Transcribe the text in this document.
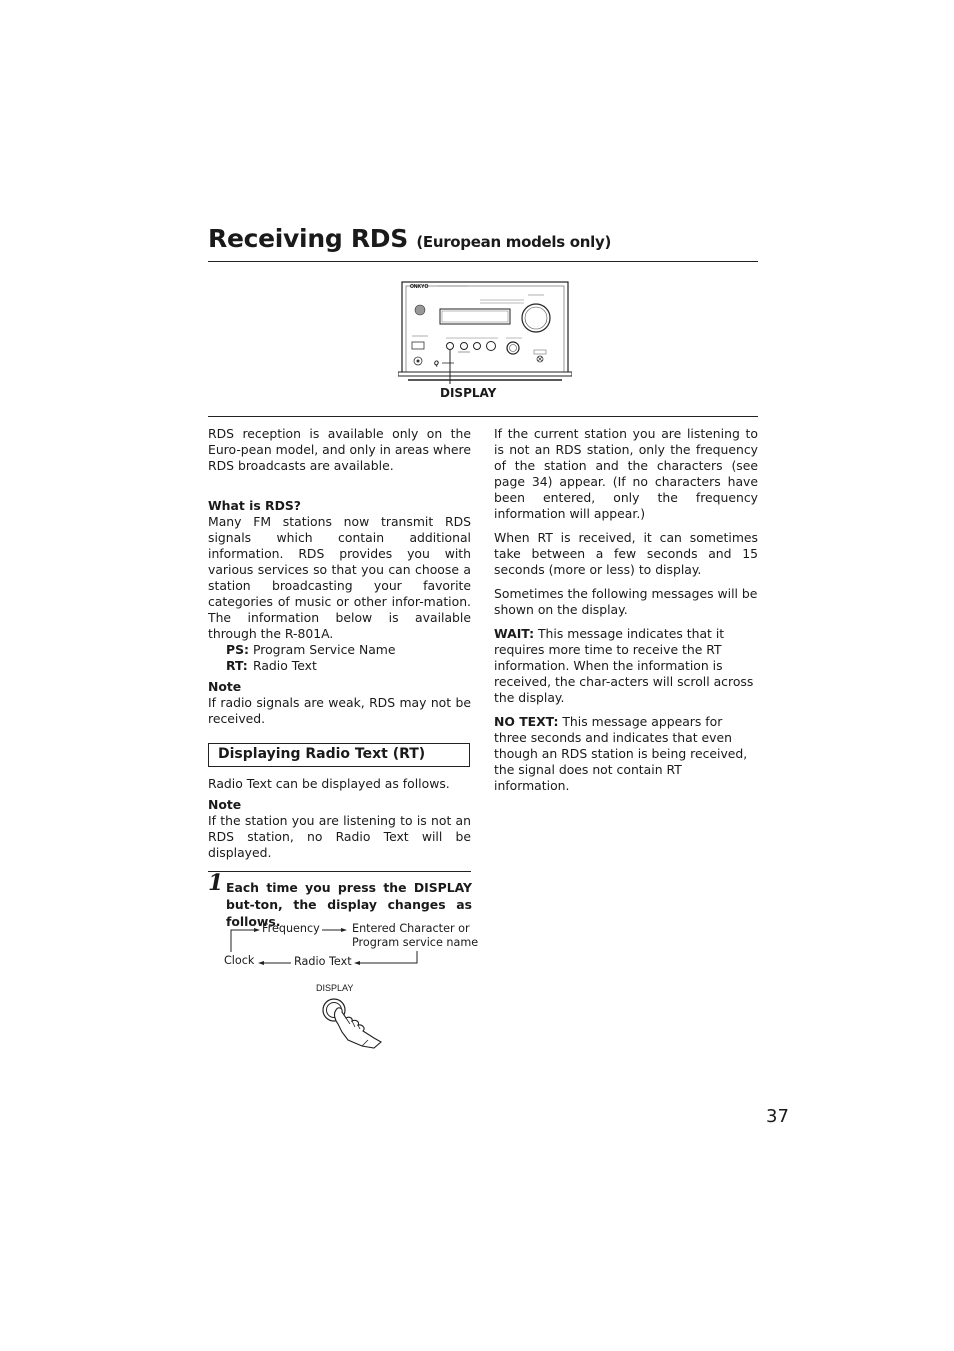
Receiving RDS (European models only)
ONKYO
Q
DISPLAY

RDS reception is available only on the Euro-pean model, and only in areas where RDS broadcasts are available.

What is RDS?

Many FM stations now transmit RDS signals which contain additional information. RDS provides you with various services so that you can choose a station broadcasting your favorite categories of music or other infor-mation. The information below is available through the R-801A.

PS: Program Service Name
RT: Radio Text

Note

If radio signals are weak, RDS may not be received.

Displaying Radio Text (RT)

Radio Text can be displayed as follows.

Note

If the station you are listening to is not an RDS station, no Radio Text will be displayed.

1 Each time you press the DISPLAY but-ton, the display changes as follows.
Frequency	Entered Character or
Program service name
Radio Text
Clock
DISPLAY

If the current station you are listening to is not an RDS station, only the frequency of the station and the characters (see page 34) appear. (If no characters have been entered, only the frequency information will appear.)

When RT is received, it can sometimes take between a few seconds and 15 seconds (more or less) to display.

Sometimes the following messages will be shown on the display.

WAIT: This message indicates that it requires more time to receive the RT information. When the information is received, the char-acters will scroll across the display.

NO TEXT: This message appears for three seconds and indicates that even though an RDS station is being received, the signal does not contain RT information.

37
